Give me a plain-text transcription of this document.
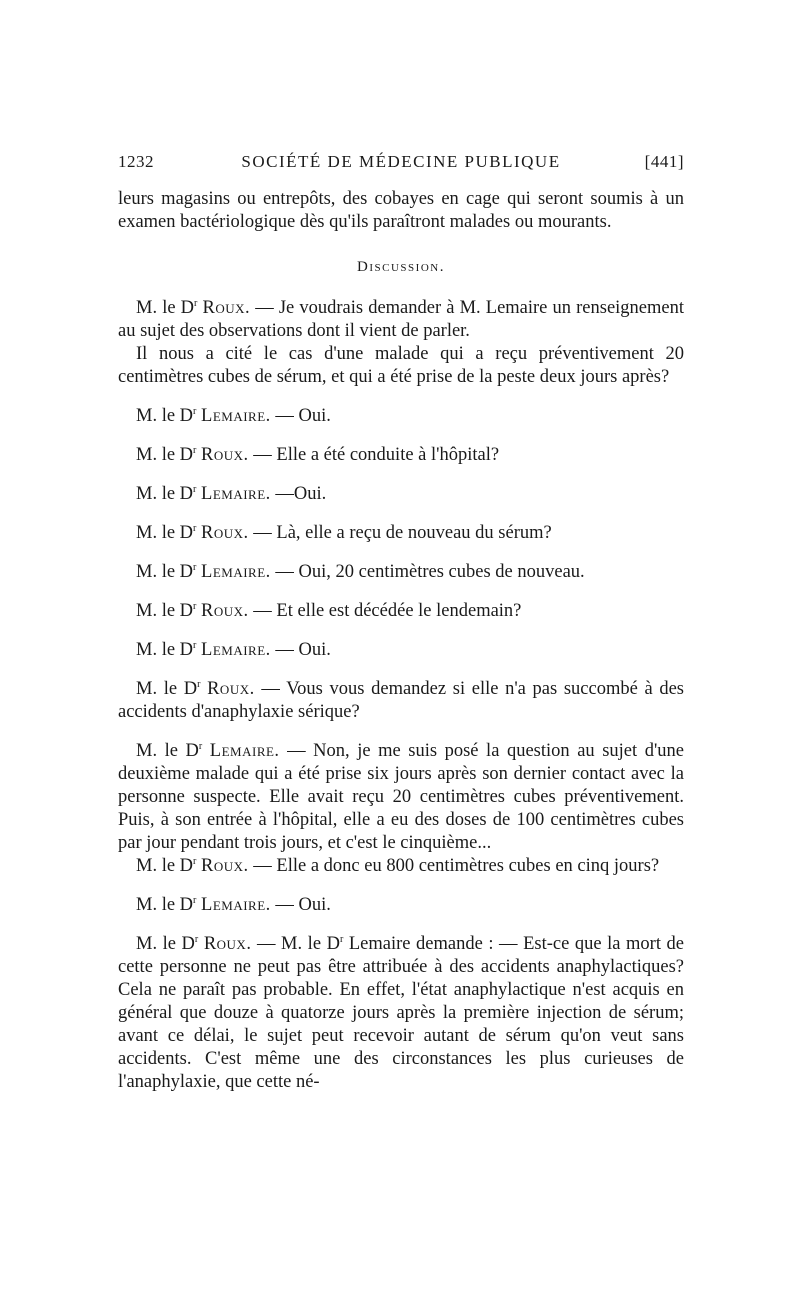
1232	SOCIÉTÉ DE MÉDECINE PUBLIQUE	[441]

leurs magasins ou entrepôts, des cobayes en cage qui seront soumis à un examen bactériologique dès qu'ils paraîtront malades ou mourants.

Discussion.

M. le $D^r$ Roux. — Je voudrais demander à M. Lemaire un renseignement au sujet des observations dont il vient de parler.

Il nous a cité le cas d'une malade qui a reçu préventivement 20 centimètres cubes de sérum, et qui a été prise de la peste deux jours après?

M. le $D^r$ Lemaire. — Oui.

M. le $D^r$ Roux. — Elle a été conduite à l'hôpital?

M. le $D^r$ Lemaire. —Oui.

M. le $D^r$ Roux. — Là, elle a reçu de nouveau du sérum?

M. le $D^r$ Lemaire. — Oui, 20 centimètres cubes de nouveau.

M. le $D^r$ Roux. — Et elle est décédée le lendemain?

M. le $D^r$ Lemaire. — Oui.

M. le $D^r$ Roux. — Vous vous demandez si elle n'a pas succombé à des accidents d'anaphylaxie sérique?

M. le $D^r$ Lemaire. — Non, je me suis posé la question au sujet d'une deuxième malade qui a été prise six jours après son dernier contact avec la personne suspecte. Elle avait reçu 20 centimètres cubes préventivement. Puis, à son entrée à l'hôpital, elle a eu des doses de 100 centimètres cubes par jour pendant trois jours, et c'est le cinquième...

M. le $D^r$ Roux. — Elle a donc eu 800 centimètres cubes en cinq jours?

M. le $D^r$ Lemaire. — Oui.

M. le $D^r$ Roux. — M. le $D^r$ Lemaire demande : — Est-ce que la mort de cette personne ne peut pas être attribuée à des accidents anaphylactiques? Cela ne paraît pas probable. En effet, l'état anaphylactique n'est acquis en général que douze à quatorze jours après la première injection de sérum; avant ce délai, le sujet peut recevoir autant de sérum qu'on veut sans accidents. C'est même une des circonstances les plus curieuses de l'anaphylaxie, que cette né-
